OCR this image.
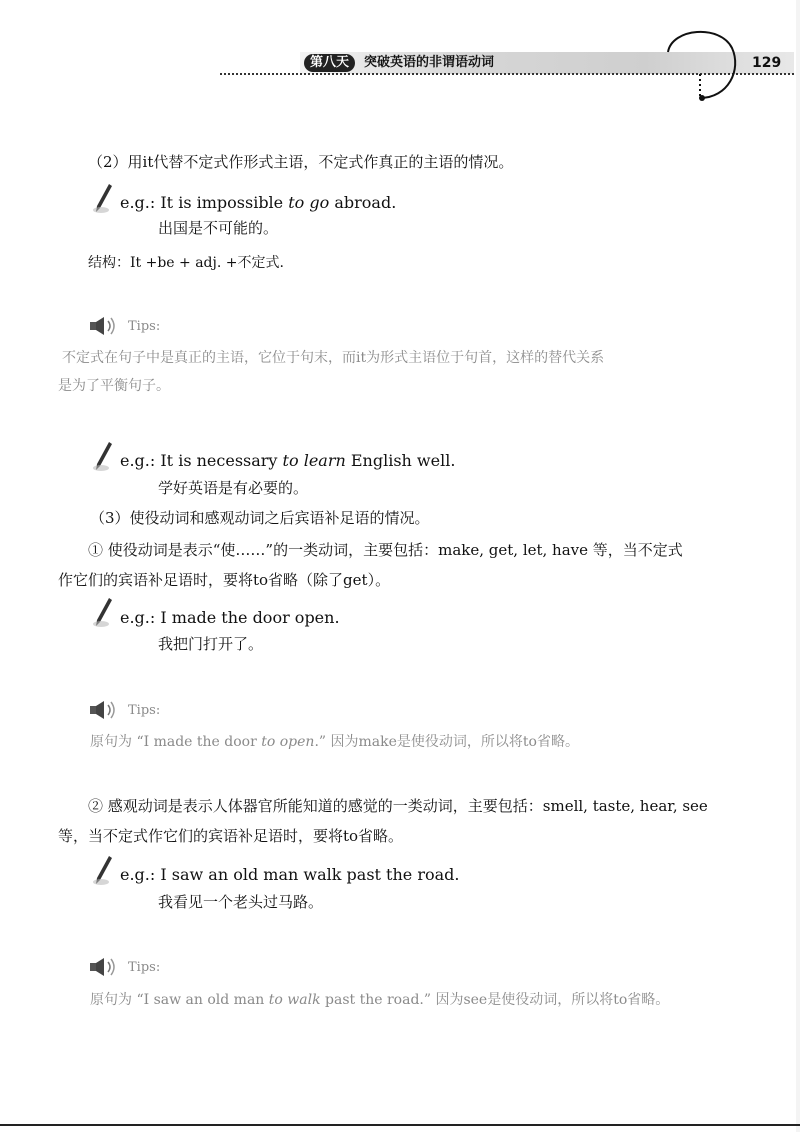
第八天	突破英语的非谓语动词	129
（2）用it代替不定式作形式主语，不定式作真正的主语的情况。
e.g.: It is impossible to go abroad.
出国是不可能的。
结构：It +be + adj. +不定式.
Tips:
不定式在句子中是真正的主语，它位于句末，而it为形式主语位于句首，这样的替代关系
是为了平衡句子。
e.g.: It is necessary to learn English well.
学好英语是有必要的。
（3）使役动词和感观动词之后宾语补足语的情况。
① 使役动词是表示“使……”的一类动词，主要包括：make, get, let, have 等，当不定式
作它们的宾语补足语时，要将to省略（除了get）。
e.g.: I made the door open.
我把门打开了。
Tips:
原句为 “I made the door to open.” 因为make是使役动词，所以将to省略。
② 感观动词是表示人体器官所能知道的感觉的一类动词，主要包括：smell, taste, hear, see
等，当不定式作它们的宾语补足语时，要将to省略。
e.g.: I saw an old man walk past the road.
我看见一个老头过马路。
Tips:
原句为 “I saw an old man to walk past the road.” 因为see是使役动词，所以将to省略。
